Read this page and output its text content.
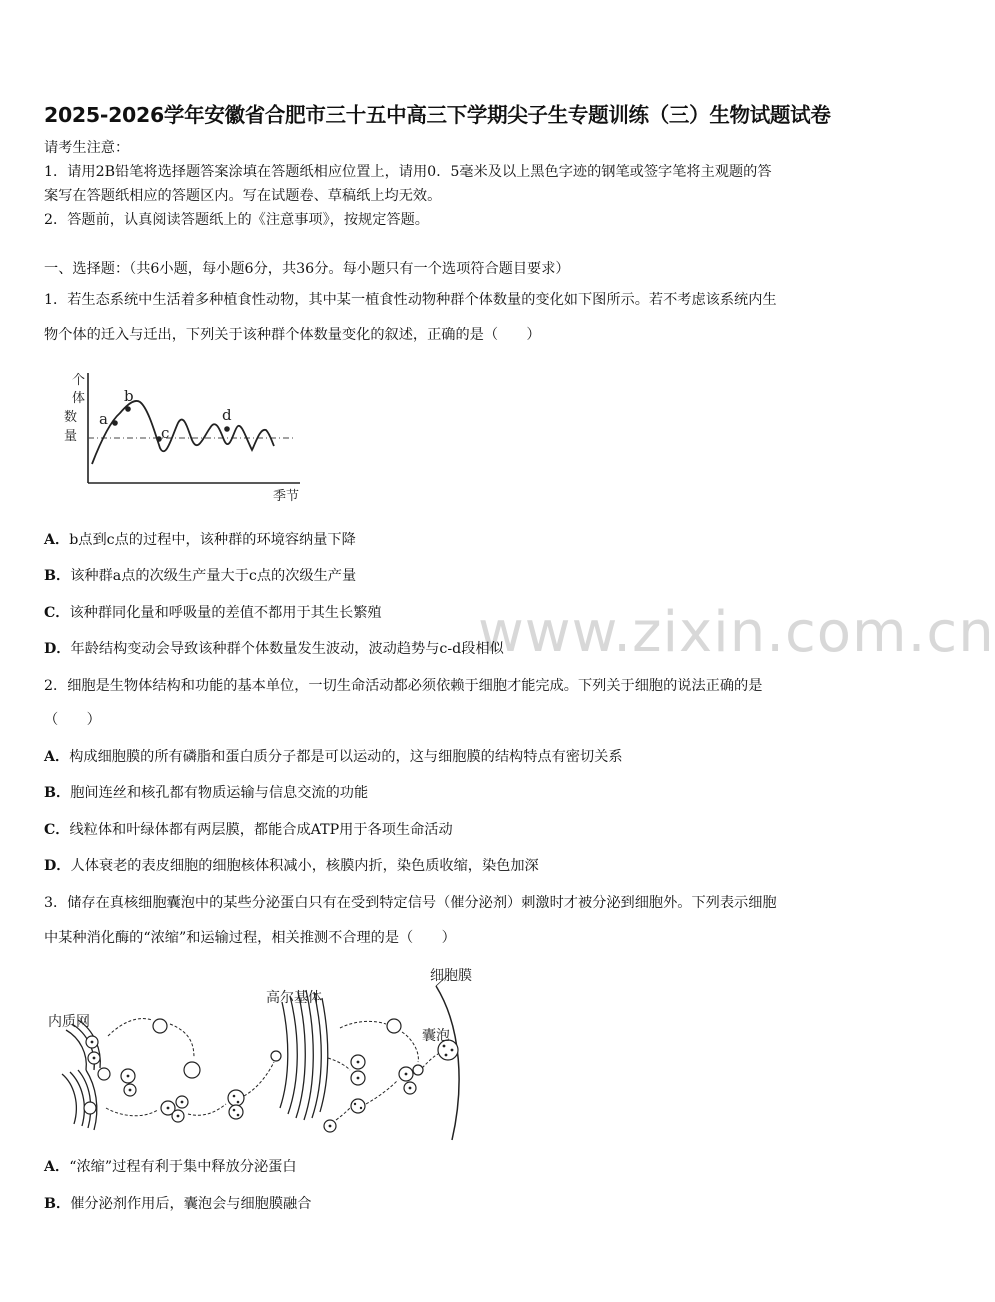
www.zixin.com.cn
2025-2026学年安徽省合肥市三十五中高三下学期尖子生专题训练（三）生物试题试卷
请考生注意：
1．请用2B铅笔将选择题答案涂填在答题纸相应位置上，请用0．5毫米及以上黑色字迹的钢笔或签字笔将主观题的答
案写在答题纸相应的答题区内。写在试题卷、草稿纸上均无效。
2．答题前，认真阅读答题纸上的《注意事项》，按规定答题。
一、选择题：（共6小题，每小题6分，共36分。每小题只有一个选项符合题目要求）
1．若生态系统中生活着多种植食性动物，其中某一植食性动物种群个体数量的变化如下图所示。若不考虑该系统内生
物个体的迁入与迁出，下列关于该种群个体数量变化的叙述，正确的是（　　）
个
体
数
量
季节
a
b
c
d
A．b点到c点的过程中，该种群的环境容纳量下降
B．该种群a点的次级生产量大于c点的次级生产量
C．该种群同化量和呼吸量的差值不都用于其生长繁殖
D．年龄结构变动会导致该种群个体数量发生波动，波动趋势与c-d段相似
2．细胞是生物体结构和功能的基本单位，一切生命活动都必须依赖于细胞才能完成。下列关于细胞的说法正确的是
（　　）
A．构成细胞膜的所有磷脂和蛋白质分子都是可以运动的，这与细胞膜的结构特点有密切关系
B．胞间连丝和核孔都有物质运输与信息交流的功能
C．线粒体和叶绿体都有两层膜，都能合成ATP用于各项生命活动
D．人体衰老的表皮细胞的细胞核体积减小，核膜内折，染色质收缩，染色加深
3．储存在真核细胞囊泡中的某些分泌蛋白只有在受到特定信号（催分泌剂）刺激时才被分泌到细胞外。下列表示细胞
中某种消化酶的“浓缩”和运输过程，相关推测不合理的是（　　）
内质网
高尔基体
细胞膜
囊泡
A．“浓缩”过程有利于集中释放分泌蛋白
B．催分泌剂作用后，囊泡会与细胞膜融合
